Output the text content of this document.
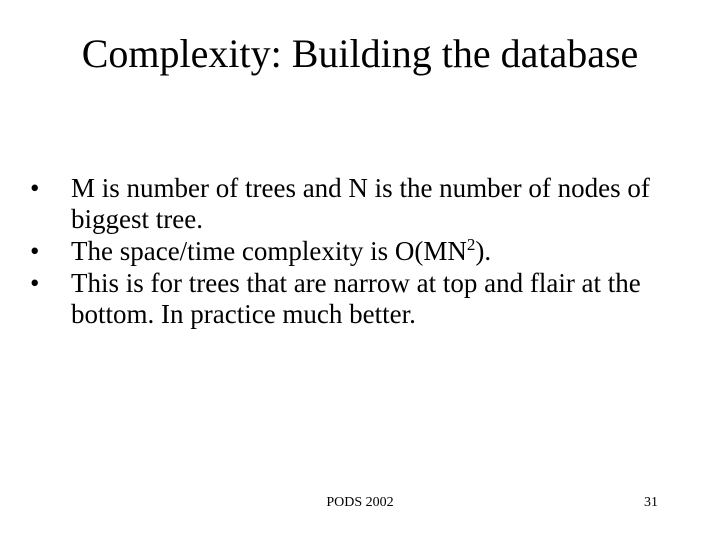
Complexity: Building the database
•	M is number of trees and N is the number of nodes of biggest tree.
•	The space/time complexity is $O(MN^2)$.
•	This is for trees that are narrow at top and flair at the bottom. In practice much better.
PODS 2002	31
